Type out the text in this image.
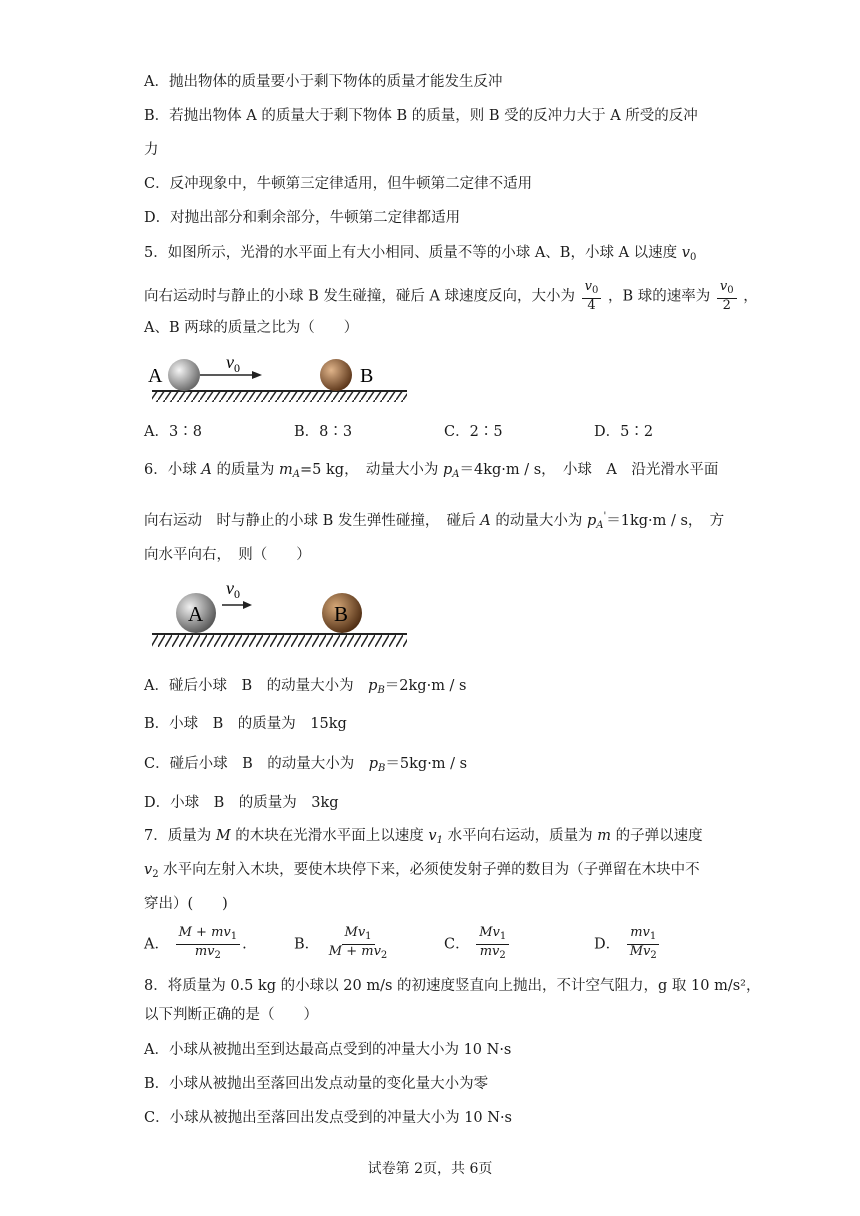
A．抛出物体的质量要小于剩下物体的质量才能发生反冲
B．若抛出物体 A 的质量大于剩下物体 B 的质量，则 B 受的反冲力大于 A 所受的反冲
力
C．反冲现象中，牛顿第三定律适用，但牛顿第二定律不适用
D．对抛出部分和剩余部分，牛顿第二定律都适用
5．如图所示，光滑的水平面上有大小相同、质量不等的小球 A、B，小球 A 以速度 $v_0$
向右运动时与静止的小球 B 发生碰撞，碰后 A 球速度反向，大小为 $\frac{v_0}{4}$ ，B 球的速率为 $\frac{v_0}{2}$ ，
A、B 两球的质量之比为（　　）
A
$v_0$	B
A．3∶8	B．8∶3	C．2∶5	D．5∶2
6．小球 A 的质量为 $m_A=5$ kg，　动量大小为 $p_A=4kg\cdot m / s$，　小球　A　沿光滑水平面
向右运动　时与静止的小球 B 发生弹性碰撞，　碰后 A 的动量大小为 $p_A'=1kg\cdot m / s$，　方
向水平向右，　则（　　）
A
$v_0$
B
A．碰后小球　B　的动量大小为　$p_B=2kg\cdot m / s$
B．小球　B　的质量为　15kg
C．碰后小球　B　的动量大小为　$p_B=5kg\cdot m / s$
D．小球　B　的质量为　3kg
7．质量为 M 的木块在光滑水平面上以速度 $v_1$ 水平向右运动，质量为 m 的子弹以速度
$v_2$ 水平向左射入木块，要使木块停下来，必须使发射子弹的数目为（子弹留在木块中不
穿出）(　　)
A． $\frac{M + mv_1}{mv_2}$ .	B． $\frac{Mv_1}{M + mv_2}$	C． $\frac{Mv_1}{mv_2}$	D． $\frac{mv_1}{Mv_2}$
8．将质量为 0.5 kg 的小球以 20 m/s 的初速度竖直向上抛出，不计空气阻力，g 取 10 m/s²，
以下判断正确的是（　　）
A．小球从被抛出至到达最高点受到的冲量大小为 10 N·s
B．小球从被抛出至落回出发点动量的变化量大小为零
C．小球从被抛出至落回出发点受到的冲量大小为 10 N·s
试卷第 2页，共 6页
